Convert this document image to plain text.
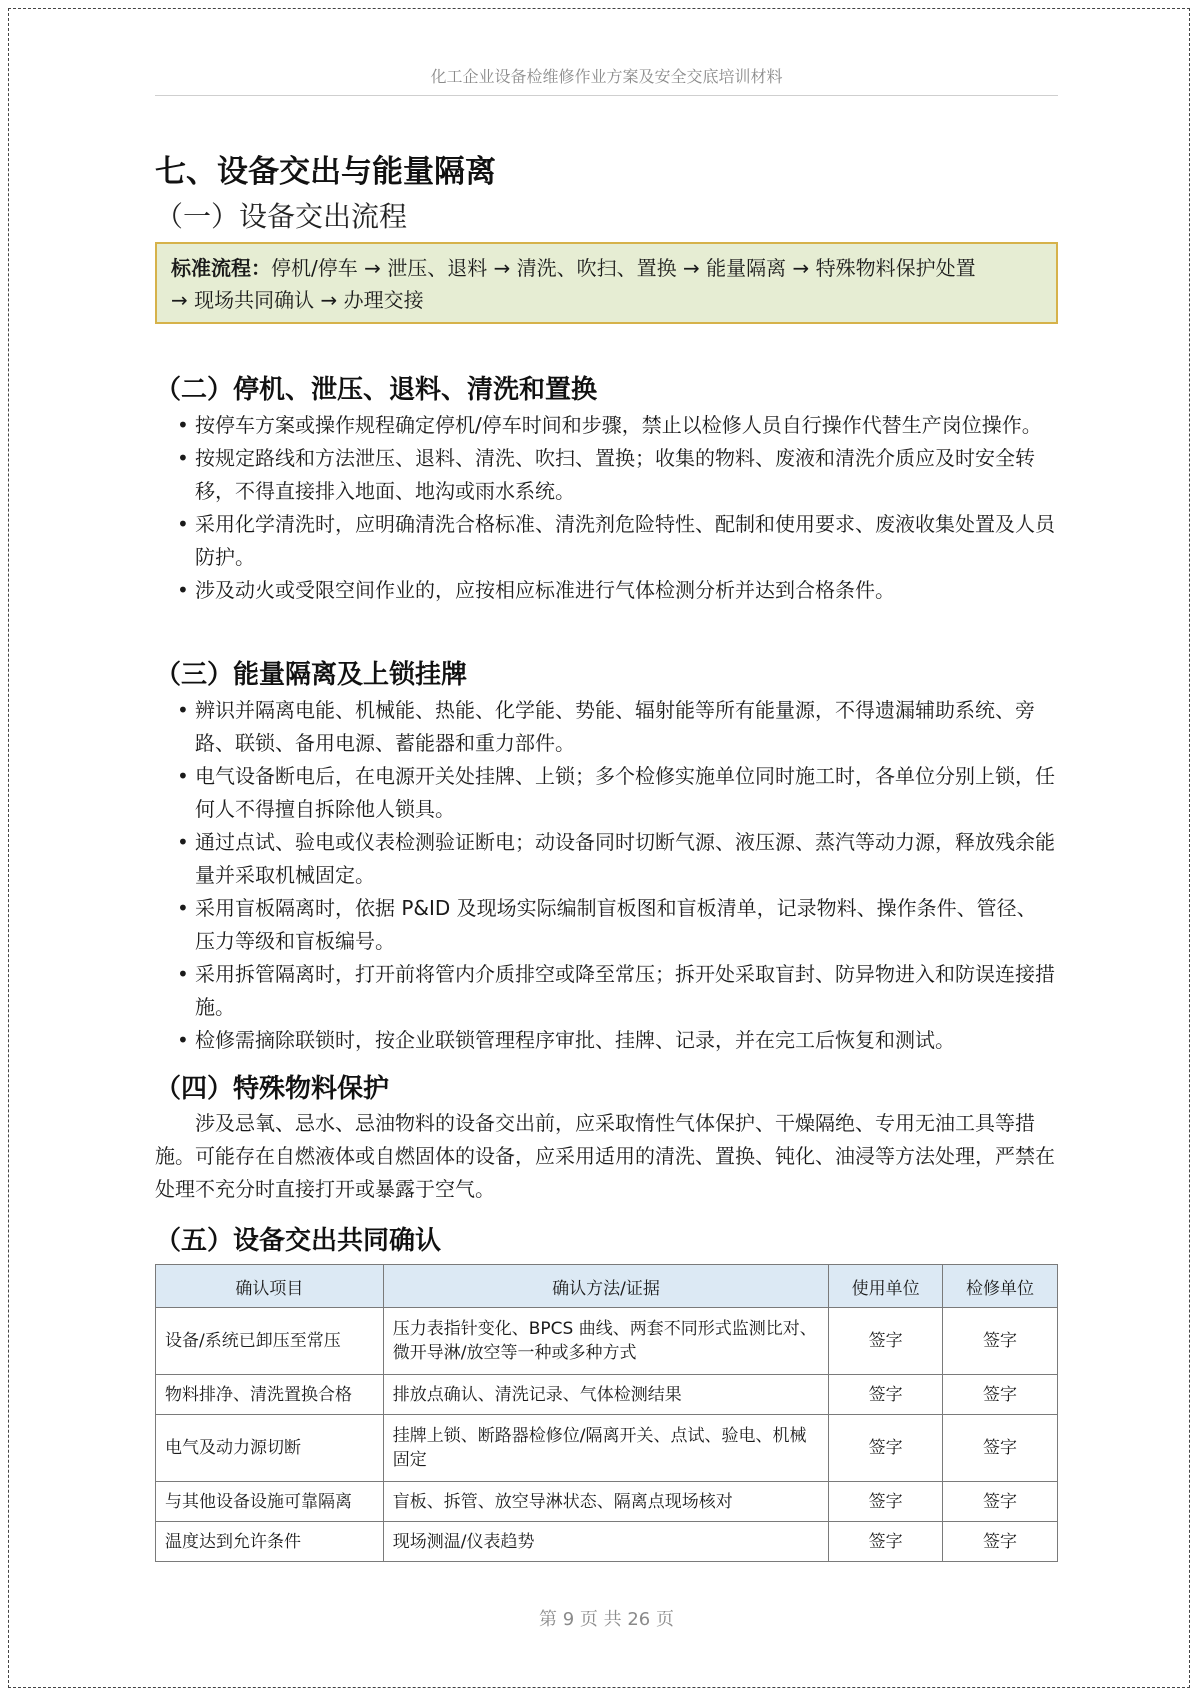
化工企业设备检维修作业方案及安全交底培训材料
七、设备交出与能量隔离
（一）设备交出流程
标准流程：停机/停车 → 泄压、退料 → 清洗、吹扫、置换 → 能量隔离 → 特殊物料保护处置
→ 现场共同确认 → 办理交接
（二）停机、泄压、退料、清洗和置换
• 按停车方案或操作规程确定停机/停车时间和步骤，禁止以检修人员自行操作代替生产岗位操作。
• 按规定路线和方法泄压、退料、清洗、吹扫、置换；收集的物料、废液和清洗介质应及时安全转移，不得直接排入地面、地沟或雨水系统。
• 采用化学清洗时，应明确清洗合格标准、清洗剂危险特性、配制和使用要求、废液收集处置及人员防护。
• 涉及动火或受限空间作业的，应按相应标准进行气体检测分析并达到合格条件。
（三）能量隔离及上锁挂牌
• 辨识并隔离电能、机械能、热能、化学能、势能、辐射能等所有能量源，不得遗漏辅助系统、旁路、联锁、备用电源、蓄能器和重力部件。
• 电气设备断电后，在电源开关处挂牌、上锁；多个检修实施单位同时施工时，各单位分别上锁，任何人不得擅自拆除他人锁具。
• 通过点试、验电或仪表检测验证断电；动设备同时切断气源、液压源、蒸汽等动力源，释放残余能量并采取机械固定。
• 采用盲板隔离时，依据 P&ID 及现场实际编制盲板图和盲板清单，记录物料、操作条件、管径、压力等级和盲板编号。
• 采用拆管隔离时，打开前将管内介质排空或降至常压；拆开处采取盲封、防异物进入和防误连接措施。
• 检修需摘除联锁时，按企业联锁管理程序审批、挂牌、记录，并在完工后恢复和测试。
（四）特殊物料保护
涉及忌氧、忌水、忌油物料的设备交出前，应采取惰性气体保护、干燥隔绝、专用无油工具等措施。可能存在自燃液体或自燃固体的设备，应采用适用的清洗、置换、钝化、油浸等方法处理，严禁在处理不充分时直接打开或暴露于空气。
（五）设备交出共同确认
确认项目	确认方法/证据	使用单位	检修单位
设备/系统已卸压至常压	压力表指针变化、BPCS 曲线、两套不同形式监测比对、微开导淋/放空等一种或多种方式	签字	签字
物料排净、清洗置换合格	排放点确认、清洗记录、气体检测结果	签字	签字
电气及动力源切断	挂牌上锁、断路器检修位/隔离开关、点试、验电、机械固定	签字	签字
与其他设备设施可靠隔离	盲板、拆管、放空导淋状态、隔离点现场核对	签字	签字
温度达到允许条件	现场测温/仪表趋势	签字	签字
第 9 页 共 26 页
